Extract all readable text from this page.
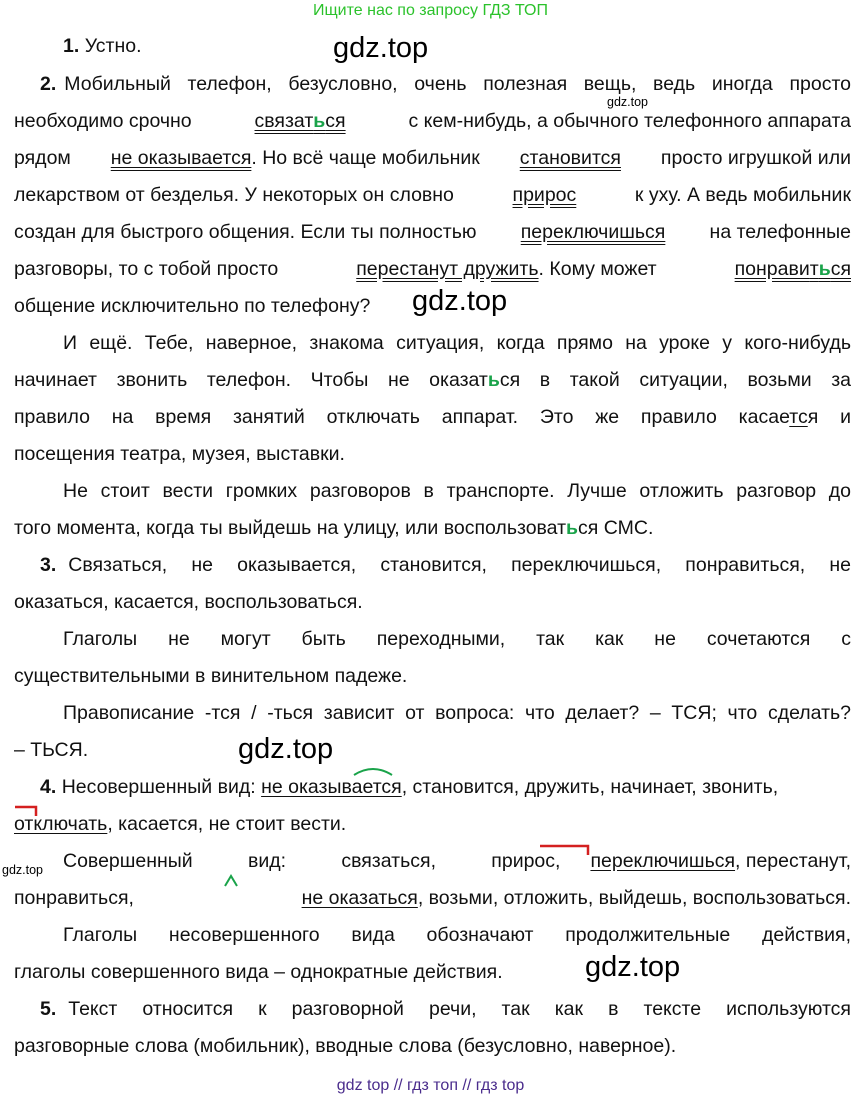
Ищите нас по запросу ГДЗ ТОП
1. Устно.
2. Мобильный телефон, безусловно, очень полезная вещь, ведь иногда просто
необходимо срочно	связаться	с кем-нибудь, а обычного телефонного аппарата
рядом не оказывается. Но всё чаще мобильник становится просто игрушкой или
лекарством от безделья. У некоторых он словно	прирос	к уху. А ведь мобильник
создан для быстрого общения. Если ты полностью переключишься на телефонные
разговоры, то с тобой просто	перестанут дружить. Кому может	понравиться
общение исключительно по телефону?
И ещё. Тебе, наверное, знакома ситуация, когда прямо на уроке у кого-нибудь
начинает звонить телефон. Чтобы не оказаться в такой ситуации, возьми за
правило на время занятий отключать аппарат. Это же правило касается и
посещения театра, музея, выставки.
Не стоит вести громких разговоров в транспорте. Лучше отложить разговор до
того момента, когда ты выйдешь на улицу, или воспользоваться СМС.
3. Связаться, не оказывается, становится, переключишься, понравиться, не
оказаться, касается, воспользоваться.
Глаголы не могут быть переходными, так как не сочетаются с
существительными в винительном падеже.
Правописание -тся / -ться зависит от вопроса: что делает? – ТСЯ; что сделать?
– ТЬСЯ.
4. Несовершенный вид: не оказывается, становится, дружить, начинает, звонить,
отключать, касается, не стоит вести.
Совершенный вид: связаться, прирос, переключишься, перестанут,
понравиться,	не оказаться, возьми, отложить, выйдешь, воспользоваться.
Глаголы несовершенного вида обозначают продолжительные действия,
глаголы совершенного вида – однократные действия.
5. Текст относится к разговорной речи, так как в тексте используются
разговорные слова (мобильник), вводные слова (безусловно, наверное).
gdz.top
gdz.top
gdz.top
gdz.top
gdz.top
gdz.top
gdz top // гдз топ // гдз top
